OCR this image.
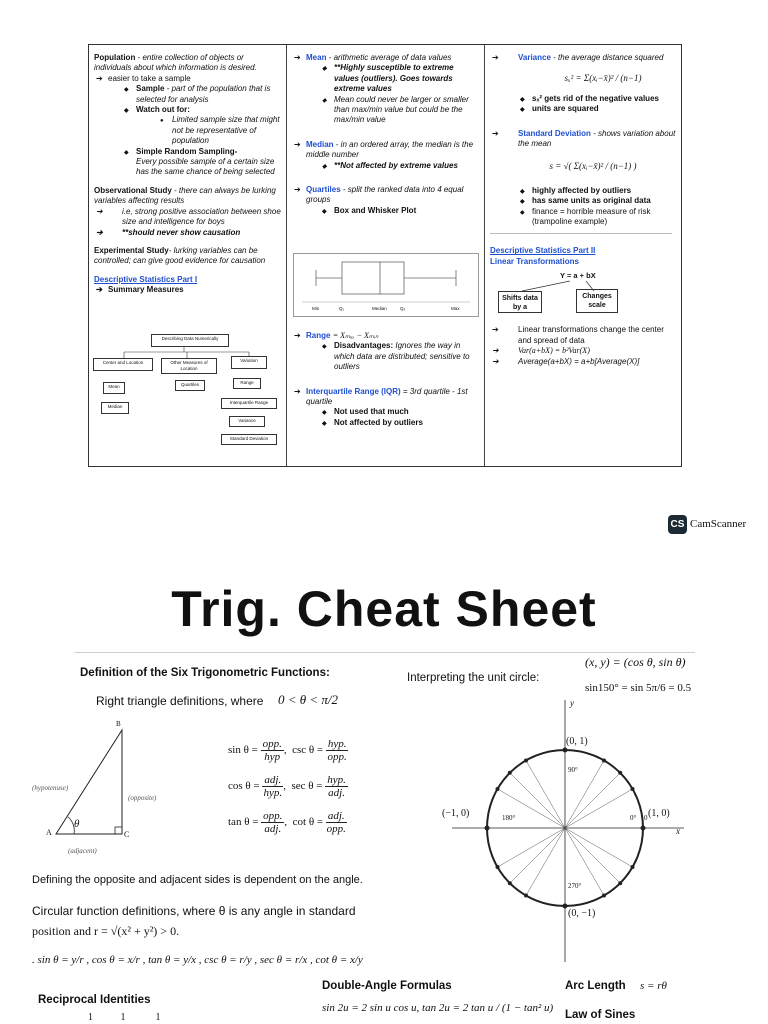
Population - entire collection of objects or individuals about which information is desired.
➔ easier to take a sample
◆ Sample - part of the population that is selected for analysis
◆ Watch out for:
● Limited sample size that might not be representative of population
◆ Simple Random Sampling-
Every possible sample of a certain size has the same chance of being selected
Observational Study - there can always be lurking variables affecting results
➔ i.e, strong positive association between shoe size and intelligence for boys
➔ **should never show causation
Experimental Study- lurking variables can be controlled; can give good evidence for causation
Descriptive Statistics Part I
➔ Summary Measures
Describing Data Numerically
Center and Location	Other Measures of Location
Variation
Mean	Quartiles	Range
Median
Interquartile Range
Variance
Standard Deviation
➔ Mean - arithmetic average of data values
◆ **Highly susceptible to extreme values (outliers). Goes towards extreme values
◆ Mean could never be larger or smaller than max/min value but could be the max/min value
➔ Median - in an ordered array, the median is the middle number
◆ **Not affected by extreme values
➔ Quartiles - split the ranked data into 4 equal groups
◆ Box and Whisker Plot
Min	Q₁	Median	Q₃	Max
➔ Range = Xₘₐₓ − Xₘᵢₙ
◆ Disadvantages: Ignores the way in which data are distributed; sensitive to outliers
➔ Interquartile Range (IQR) = 3rd quartile - 1st quartile
◆ Not used that much
◆ Not affected by outliers
➔ Variance - the average distance squared
sₓ² = Σ(xᵢ−x̄)² / (n−1)
◆ sₓ² gets rid of the negative values
◆ units are squared
➔ Standard Deviation - shows variation about the mean
s = √( Σ(xᵢ−x̄)² / (n−1) )
◆ highly affected by outliers
◆ has same units as original data
◆ finance = horrible measure of risk (trampoline example)
Descriptive Statistics Part II
Linear Transformations
Y = a + bX
Shifts data by a
Changes scale
➔ Linear transformations change the center and spread of data
➔ Var(a+bX) = b²Var(X)
➔ Average(a+bX) = a+b[Average(X)]
CS CamScanner
Trig. Cheat Sheet
Definition of the Six Trigonometric Functions:
Right triangle definitions, where 0 < θ < π/2
B
A	C
(hypotenuse)
(opposite)
(adjacent)
θ
$\sin \theta = \frac{\text{opp.}}{\text{hyp}}$ ,  $\csc \theta = \frac{\text{hyp.}}{\text{opp.}}$
$\cos \theta = \frac{\text{adj.}}{\text{hyp.}}$ ,  $\sec \theta = \frac{\text{hyp.}}{\text{adj.}}$
$\tan \theta = \frac{\text{opp.}}{\text{adj.}}$ ,  $\cot \theta = \frac{\text{adj.}}{\text{opp.}}$
Defining the opposite and adjacent sides is dependent on the angle.
Circular function definitions, where θ is any angle in standard
position and r = √(x² + y²) > 0.
. sin θ = y/r , cos θ = x/r , tan θ = y/x , csc θ = r/y , sec θ = r/x , cot θ = x/y
Interpreting the unit circle:
(x, y) = (cos θ, sin θ)
sin150° = sin 5π/6 = 0.5
(0, 1)
(−1, 0)	(1, 0)
(0, −1)
x
y
0°
90°
180°
270°
0
Double-Angle Formulas
sin 2u = 2 sin u cos u, tan 2u = 2 tan u / (1 − tan² u)
Arc Length s = rθ
Reciprocal Identities
1           1            1	Law of Sines
